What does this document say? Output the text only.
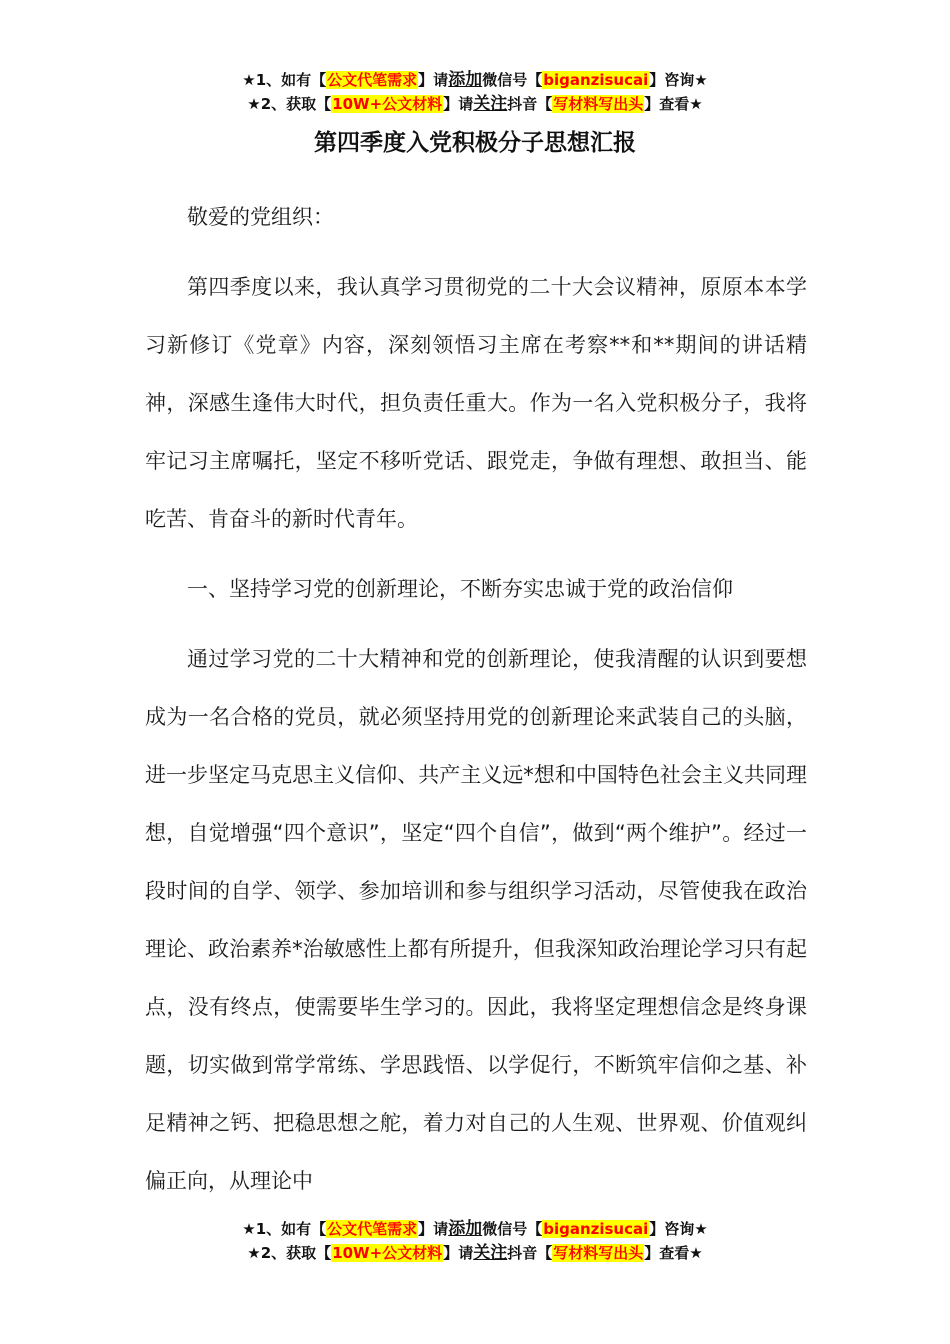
★1、如有【公文代笔需求】请添加微信号【biganzisucai】咨询★
★2、获取【10W+公文材料】请关注抖音【写材料写出头】查看★
第四季度入党积极分子思想汇报

敬爱的党组织：

第四季度以来，我认真学习贯彻党的二十大会议精神，原原本本学习新修订《党章》内容，深刻领悟习主席在考察**和**期间的讲话精神，深感生逢伟大时代，担负责任重大。作为一名入党积极分子，我将牢记习主席嘱托，坚定不移听党话、跟党走，争做有理想、敢担当、能吃苦、肯奋斗的新时代青年。

一、坚持学习党的创新理论，不断夯实忠诚于党的政治信仰

通过学习党的二十大精神和党的创新理论，使我清醒的认识到要想成为一名合格的党员，就必须坚持用党的创新理论来武装自己的头脑，进一步坚定马克思主义信仰、共产主义远*想和中国特色社会主义共同理想，自觉增强“四个意识”，坚定“四个自信”，做到“两个维护”。经过一段时间的自学、领学、参加培训和参与组织学习活动，尽管使我在政治理论、政治素养*治敏感性上都有所提升，但我深知政治理论学习只有起点，没有终点，使需要毕生学习的。因此，我将坚定理想信念是终身课题，切实做到常学常练、学思践悟、以学促行，不断筑牢信仰之基、补足精神之钙、把稳思想之舵，着力对自己的人生观、世界观、价值观纠偏正向，从理论中

★1、如有【公文代笔需求】请添加微信号【biganzisucai】咨询★
★2、获取【10W+公文材料】请关注抖音【写材料写出头】查看★
